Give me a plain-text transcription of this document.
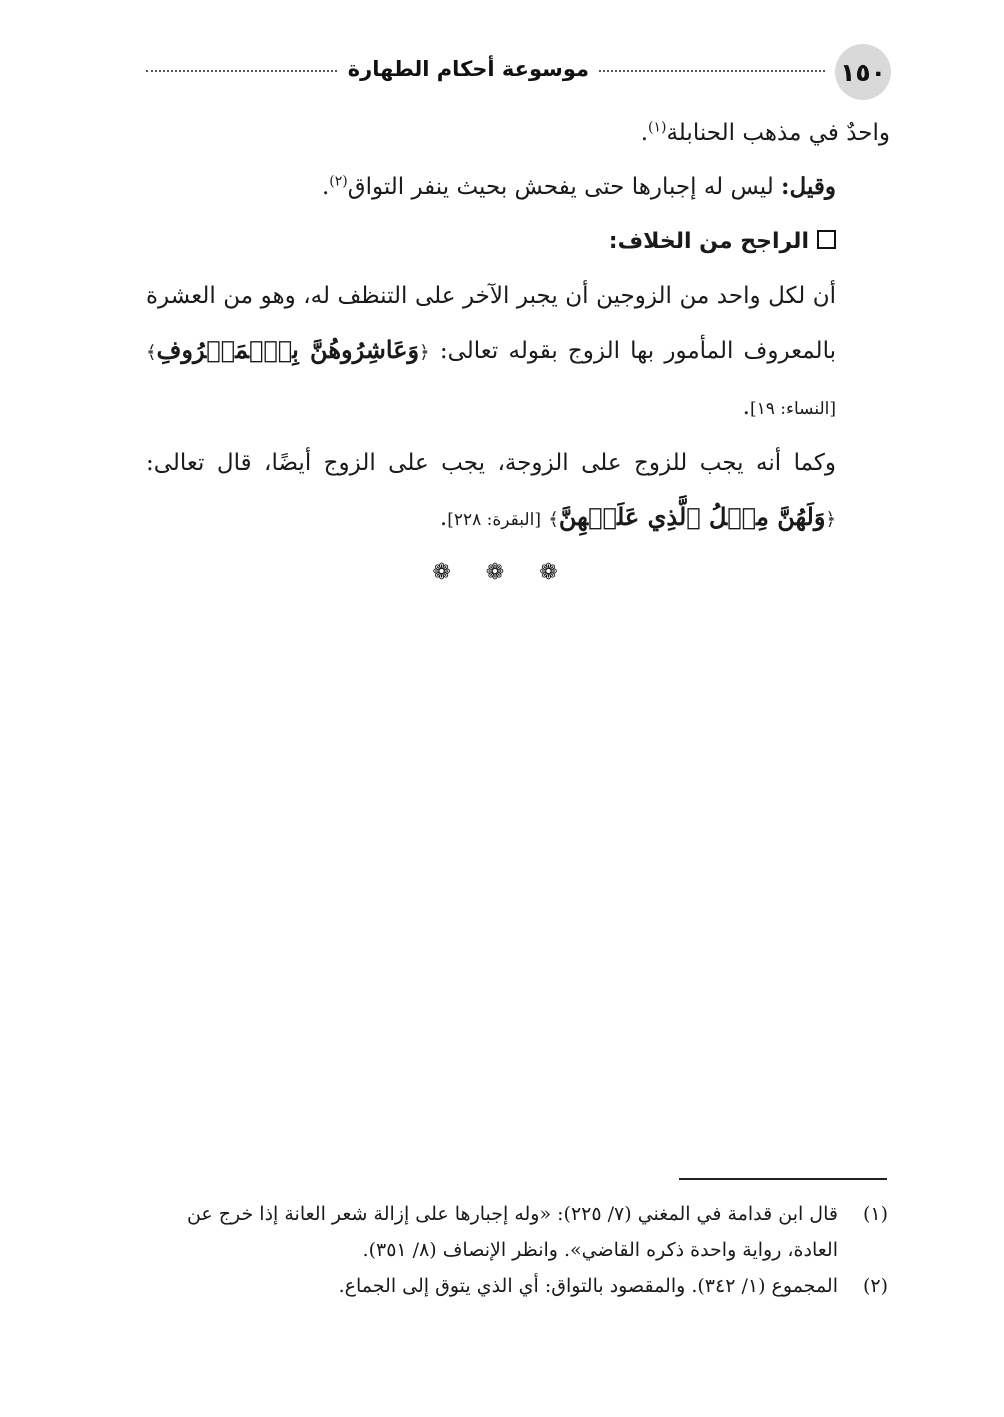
موسوعة أحكام الطهارة	١٥٠

واحدٌ في مذهب الحنابلة$^{(١)}$.

وقيل: ليس له إجبارها حتى يفحش بحيث ينفر التواق$^{(٢)}$.

الراجح من الخلاف:

أن لكل واحد من الزوجين أن يجبر الآخر على التنظف له، وهو من العشرة بالمعروف المأمور بها الزوج بقوله تعالى: ﴿وَعَاشِرُوهُنَّ بِٱلۡمَعۡرُوفِ﴾ [النساء: ١٩].

وكما أنه يجب للزوج على الزوجة، يجب على الزوج أيضًا، قال تعالى: ﴿وَلَهُنَّ مِثۡلُ ٱلَّذِي عَلَيۡهِنَّ﴾ [البقرة: ٢٢٨].

❁ ❁ ❁

(١)
قال ابن قدامة في المغني (٧/ ٢٢٥): «وله إجبارها على إزالة شعر العانة إذا خرج عن العادة، رواية واحدة ذكره القاضي». وانظر الإنصاف (٨/ ٣٥١).

(٢)
المجموع (١/ ٣٤٢). والمقصود بالتواق: أي الذي يتوق إلى الجماع.
